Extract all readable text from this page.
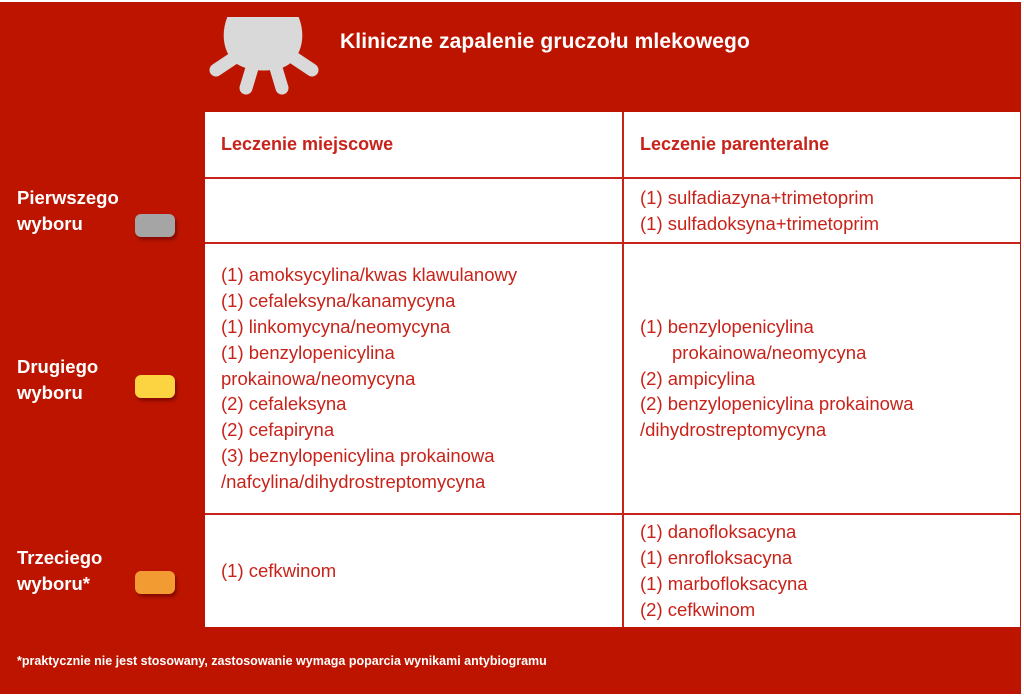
Kliniczne zapalenie gruczołu mlekowego
Pierwszego
wyboru
Drugiego
wyboru
Trzeciego
wyboru*
Leczenie miejscowe	Leczenie parenteralne
(1) sulfadiazyna+trimetoprim
(1) sulfadoksyna+trimetoprim
(1) amoksycylina/kwas klawulanowy
(1) cefaleksyna/kanamycyna
(1) linkomycyna/neomycyna
(1) benzylopenicylina
prokainowa/neomycyna
(2) cefaleksyna
(2) cefapiryna
(3) beznylopenicylina prokainowa
/nafcylina/dihydrostreptomycyna
(1) benzylopenicylina
prokainowa/neomycyna
(2) ampicylina
(2) benzylopenicylina prokainowa
/dihydrostreptomycyna
(1) cefkwinom
(1) danofloksacyna
(1) enrofloksacyna
(1) marbofloksacyna
(2) cefkwinom
*praktycznie nie jest stosowany, zastosowanie wymaga poparcia wynikami antybiogramu
